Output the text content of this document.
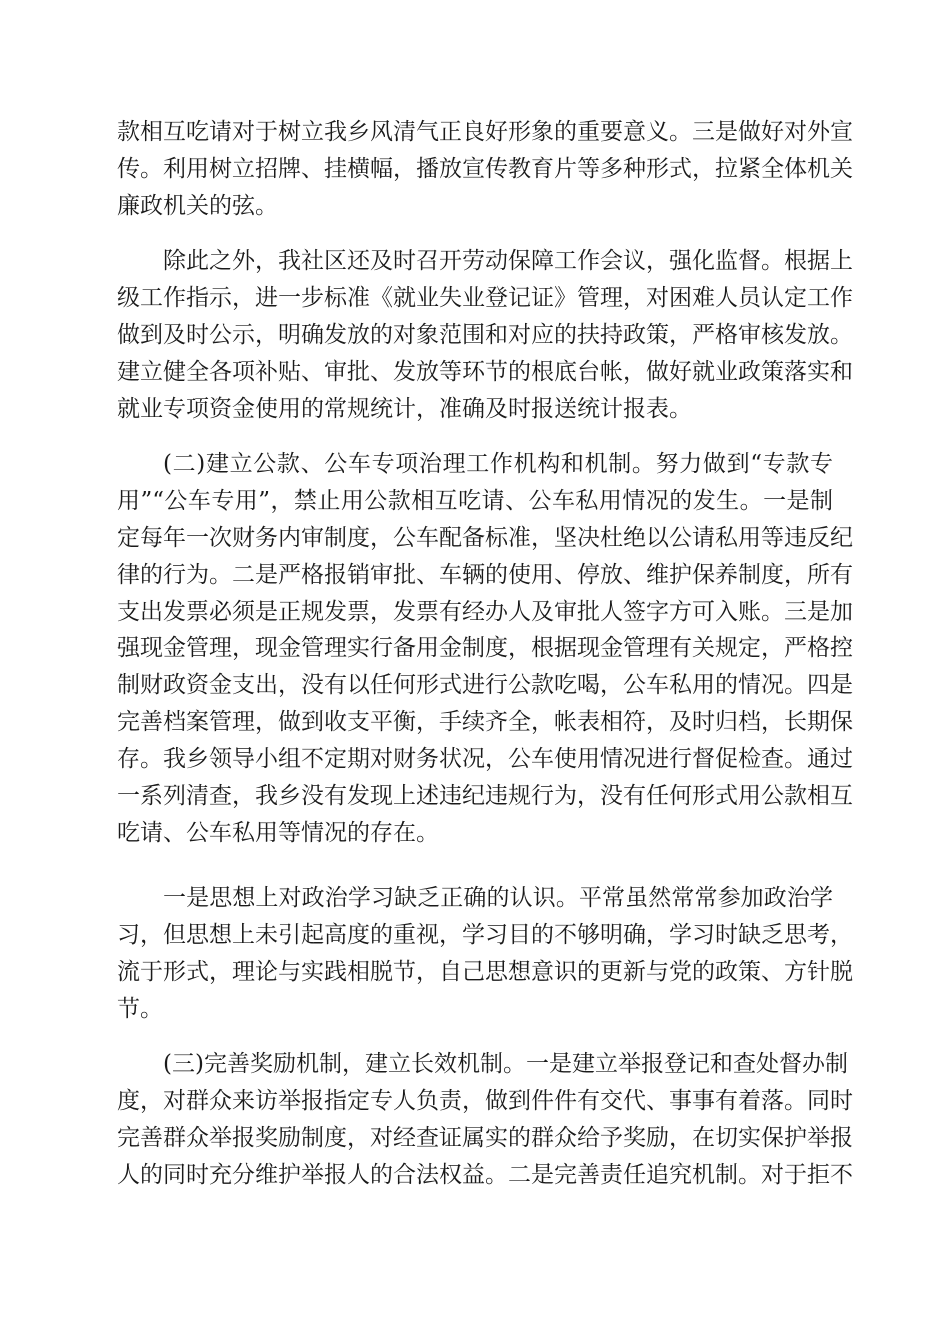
款相互吃请对于树立我乡风清气正良好形象的重要意义。三是做好对外宣
传。利用树立招牌、挂横幅，播放宣传教育片等多种形式，拉紧全体机关
廉政机关的弦。
除此之外，我社区还及时召开劳动保障工作会议，强化监督。根据上
级工作指示，进一步标准《就业失业登记证》管理，对困难人员认定工作
做到及时公示，明确发放的对象范围和对应的扶持政策，严格审核发放。
建立健全各项补贴、审批、发放等环节的根底台帐，做好就业政策落实和
就业专项资金使用的常规统计，准确及时报送统计报表。
(二)建立公款、公车专项治理工作机构和机制。努力做到“专款专
用”“公车专用”，禁止用公款相互吃请、公车私用情况的发生。一是制
定每年一次财务内审制度，公车配备标准，坚决杜绝以公请私用等违反纪
律的行为。二是严格报销审批、车辆的使用、停放、维护保养制度，所有
支出发票必须是正规发票，发票有经办人及审批人签字方可入账。三是加
强现金管理，现金管理实行备用金制度，根据现金管理有关规定，严格控
制财政资金支出，没有以任何形式进行公款吃喝，公车私用的情况。四是
完善档案管理，做到收支平衡，手续齐全，帐表相符，及时归档，长期保
存。我乡领导小组不定期对财务状况，公车使用情况进行督促检查。通过
一系列清查，我乡没有发现上述违纪违规行为，没有任何形式用公款相互
吃请、公车私用等情况的存在。
一是思想上对政治学习缺乏正确的认识。平常虽然常常参加政治学
习，但思想上未引起高度的重视，学习目的不够明确，学习时缺乏思考，
流于形式，理论与实践相脱节，自己思想意识的更新与党的政策、方针脱
节。
(三)完善奖励机制，建立长效机制。一是建立举报登记和查处督办制
度，对群众来访举报指定专人负责，做到件件有交代、事事有着落。同时
完善群众举报奖励制度，对经查证属实的群众给予奖励，在切实保护举报
人的同时充分维护举报人的合法权益。二是完善责任追究机制。对于拒不
